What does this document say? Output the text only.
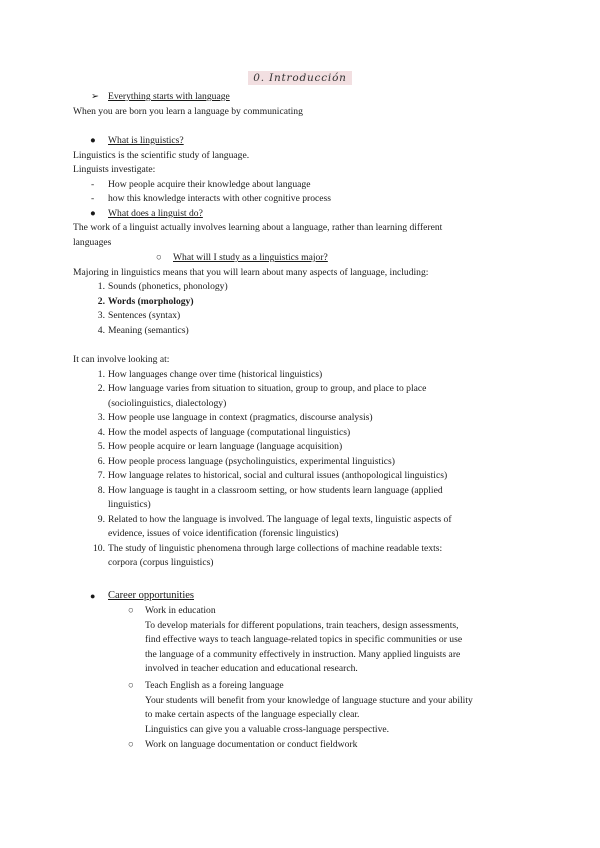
0. Introducción
➢ Everything starts with language
When you are born you learn a language by communicating
● What is linguistics?
Linguistics is the scientific study of language.
Linguists investigate:
- How people acquire their knowledge about language
- how this knowledge interacts with other cognitive process
● What does a linguist do?
The work of a linguist actually involves learning about a language, rather than learning different
languages
○ What will I study as a linguistics major?
Majoring in linguistics means that you will learn about many aspects of language, including:
1. Sounds (phonetics, phonology)
2. Words (morphology)
3. Sentences (syntax)
4. Meaning (semantics)
It can involve looking at:
1. How languages change over time (historical linguistics)
2. How language varies from situation to situation, group to group, and place to place
(sociolinguistics, dialectology)
3. How people use language in context (pragmatics, discourse analysis)
4. How the model aspects of language (computational linguistics)
5. How people acquire or learn language (language acquisition)
6. How people process language (psycholinguistics, experimental linguistics)
7. How language relates to historical, social and cultural issues (anthopological linguistics)
8. How language is taught in a classroom setting, or how students learn language (applied
linguistics)
9. Related to how the language is involved. The language of legal texts, linguistic aspects of
evidence, issues of voice identification (forensic linguistics)
10. The study of linguistic phenomena through large collections of machine readable texts:
corpora (corpus linguistics)
● Career opportunities
○ Work in education
To develop materials for different populations, train teachers, design assessments,
find effective ways to teach language-related topics in specific communities or use
the language of a community effectively in instruction. Many applied linguists are
involved in teacher education and educational research.
○ Teach English as a foreing language
Your students will benefit from your knowledge of language stucture and your ability
to make certain aspects of the language especially clear.
Linguistics can give you a valuable cross-language perspective.
○ Work on language documentation or conduct fieldwork
